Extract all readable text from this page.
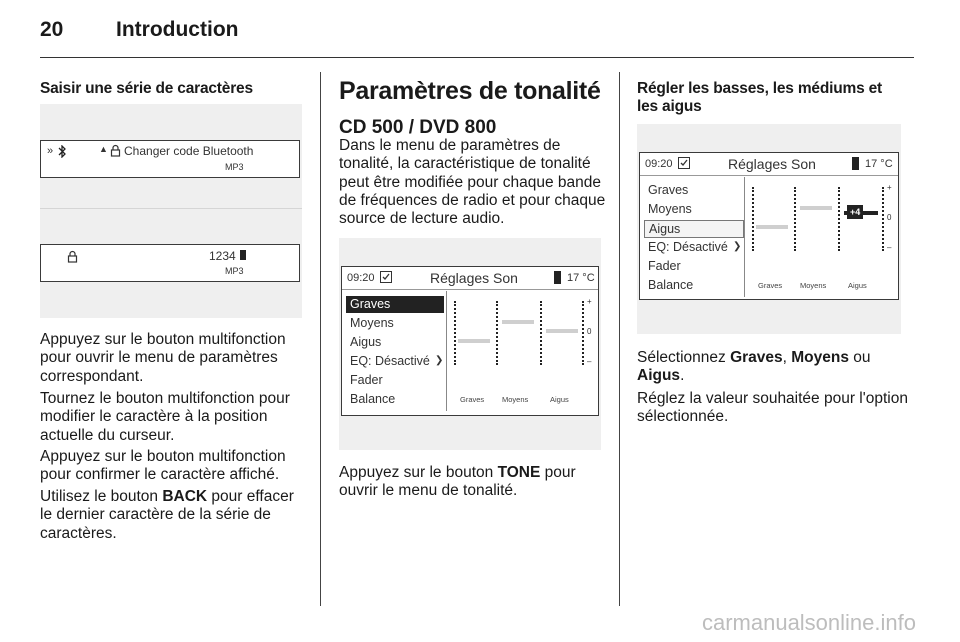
20	Introduction
Saisir une série de caractères
»	▲ Changer code Bluetooth
MP3
1234
MP3
Appuyez sur le bouton multifonction pour ouvrir le menu de paramètres correspondant.
Tournez le bouton multifonction pour modifier le caractère à la position actuelle du curseur.
Appuyez sur le bouton multifonction pour confirmer le caractère affiché.
Utilisez le bouton BACK pour effacer le dernier caractère de la série de caractères.
Paramètres de tonalité
CD 500 / DVD 800
Dans le menu de paramètres de tonalité, la caractéristique de tonalité peut être modifiée pour chaque bande de fréquences de radio et pour chaque source de lecture audio.
09:20	Réglages Son	17 °C
Graves
Moyens
Aigus
EQ: Désactivé ❯
Fader
Balance
+
0
–
Graves Moyens	Aigus
Appuyez sur le bouton TONE pour ouvrir le menu de tonalité.
Régler les basses, les médiums et les aigus
09:20	Réglages Son	17 °C
Graves
Moyens
Aigus
EQ: Désactivé ❯
Fader
Balance
+4
+
0
–
Graves Moyens	Aigus
Sélectionnez Graves, Moyens ou Aigus.
Réglez la valeur souhaitée pour l'option sélectionnée.
carmanualsonline.info
